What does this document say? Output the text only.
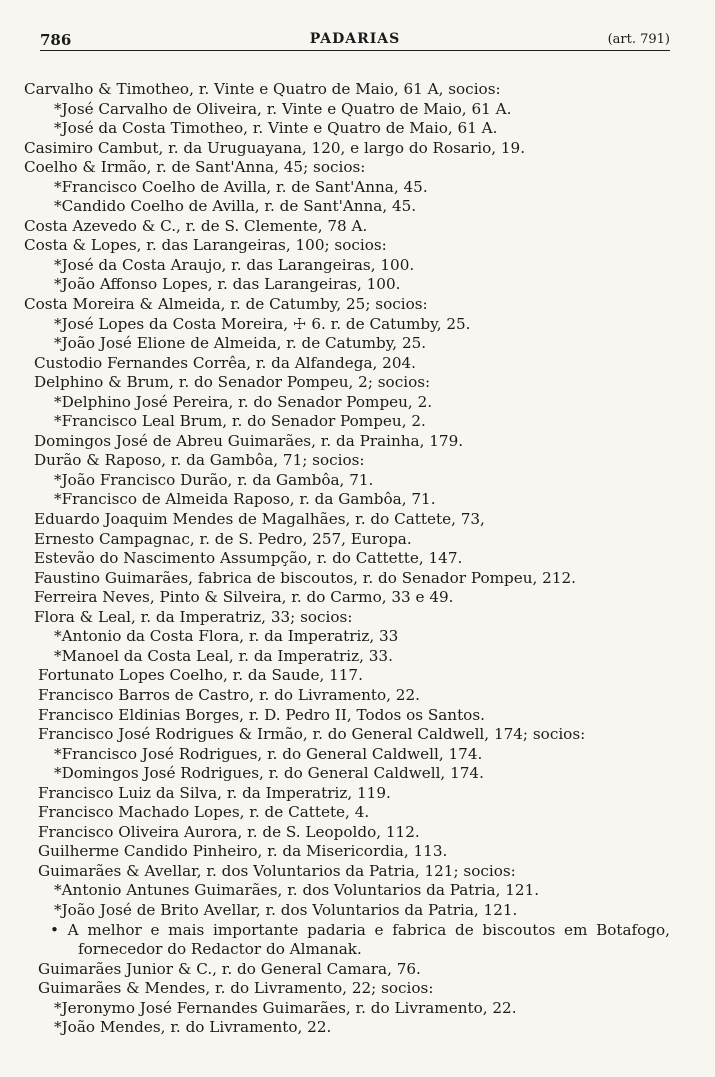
786	PADARIAS	(art. 791)
Carvalho & Timotheo, r. Vinte e Quatro de Maio, 61 A, socios:
*José Carvalho de Oliveira, r. Vinte e Quatro de Maio, 61 A.
*José da Costa Timotheo, r. Vinte e Quatro de Maio, 61 A.
Casimiro Cambut, r. da Uruguayana, 120, e largo do Rosario, 19.
Coelho & Irmão, r. de Sant'Anna, 45; socios:
*Francisco Coelho de Avilla, r. de Sant'Anna, 45.
*Candido Coelho de Avilla, r. de Sant'Anna, 45.
Costa Azevedo & C., r. de S. Clemente, 78 A.
Costa & Lopes, r. das Larangeiras, 100; socios:
*José da Costa Araujo, r. das Larangeiras, 100.
*João Affonso Lopes, r. das Larangeiras, 100.
Costa Moreira & Almeida, r. de Catumby, 25; socios:
*José Lopes da Costa Moreira, ☩ 6. r. de Catumby, 25.
*João José Elione de Almeida, r. de Catumby, 25.
Custodio Fernandes Corrêa, r. da Alfandega, 204.
Delphino & Brum, r. do Senador Pompeu, 2; socios:
*Delphino José Pereira, r. do Senador Pompeu, 2.
*Francisco Leal Brum, r. do Senador Pompeu, 2.
Domingos José de Abreu Guimarães, r. da Prainha, 179.
Durão & Raposo, r. da Gambôa, 71; socios:
*João Francisco Durão, r. da Gambôa, 71.
*Francisco de Almeida Raposo, r. da Gambôa, 71.
Eduardo Joaquim Mendes de Magalhães, r. do Cattete, 73,
Ernesto Campagnac, r. de S. Pedro, 257, Europa.
Estevão do Nascimento Assumpção, r. do Cattette, 147.
Faustino Guimarães, fabrica de biscoutos, r. do Senador Pompeu, 212.
Ferreira Neves, Pinto & Silveira, r. do Carmo, 33 e 49.
Flora & Leal, r. da Imperatriz, 33; socios:
*Antonio da Costa Flora, r. da Imperatriz, 33
*Manoel da Costa Leal, r. da Imperatriz, 33.
Fortunato Lopes Coelho, r. da Saude, 117.
Francisco Barros de Castro, r. do Livramento, 22.
Francisco Eldinias Borges, r. D. Pedro II, Todos os Santos.
Francisco José Rodrigues & Irmão, r. do General Caldwell, 174; socios:
*Francisco José Rodrigues, r. do General Caldwell, 174.
*Domingos José Rodrigues, r. do General Caldwell, 174.
Francisco Luiz da Silva, r. da Imperatriz, 119.
Francisco Machado Lopes, r. de Cattete, 4.
Francisco Oliveira Aurora, r. de S. Leopoldo, 112.
Guilherme Candido Pinheiro, r. da Misericordia, 113.
Guimarães & Avellar, r. dos Voluntarios da Patria, 121; socios:
*Antonio Antunes Guimarães, r. dos Voluntarios da Patria, 121.
*João José de Brito Avellar, r. dos Voluntarios da Patria, 121.
• A melhor e mais importante padaria e fabrica de biscoutos em Botafogo, fornecedor do Redactor do Almanak.
Guimarães Junior & C., r. do General Camara, 76.
Guimarães & Mendes, r. do Livramento, 22; socios:
*Jeronymo José Fernandes Guimarães, r. do Livramento, 22.
*João Mendes, r. do Livramento, 22.
